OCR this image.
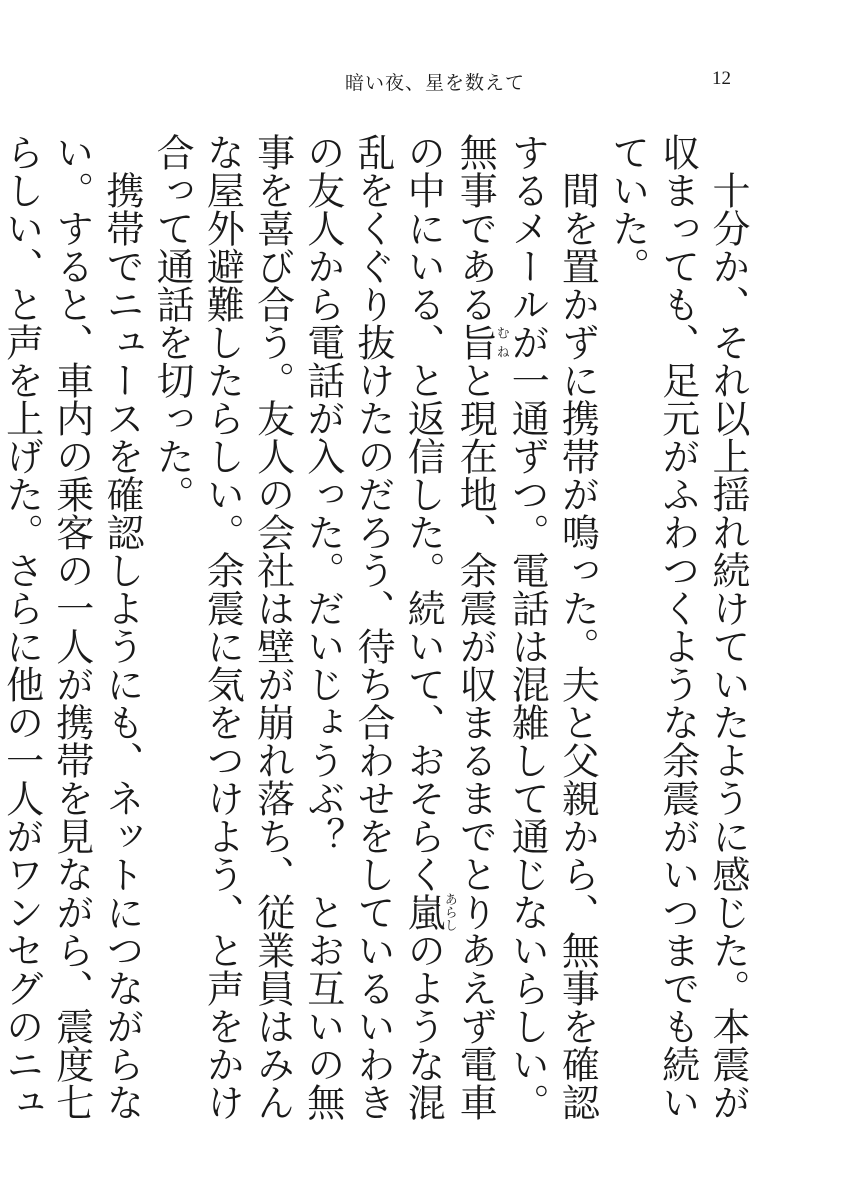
暗い夜、星を数えて	12

十分か、それ以上揺れ続けていたように感じた。本震が収まっても、足元がふわつくような余震がいつまでも続いていた。

間を置かずに携帯が鳴った。夫と父親から、無事を確認するメールが一通ずつ。電話は混雑して通じないらしい。無事である旨むねと現在地、余震が収まるまでとりあえず電車の中にいる、と返信した。続いて、おそらく嵐あらしのような混乱をくぐり抜けたのだろう、待ち合わせをしているいわきの友人から電話が入った。だいじょうぶ？　とお互いの無事を喜び合う。友人の会社は壁が崩れ落ち、従業員はみんな屋外避難したらしい。余震に気をつけよう、と声をかけ合って通話を切った。

携帯でニュースを確認しようにも、ネットにつながらない。すると、車内の乗客の一人が携帯を見ながら、震度七らしい、と声を上げた。さらに他の一人がワンセグのニュ
